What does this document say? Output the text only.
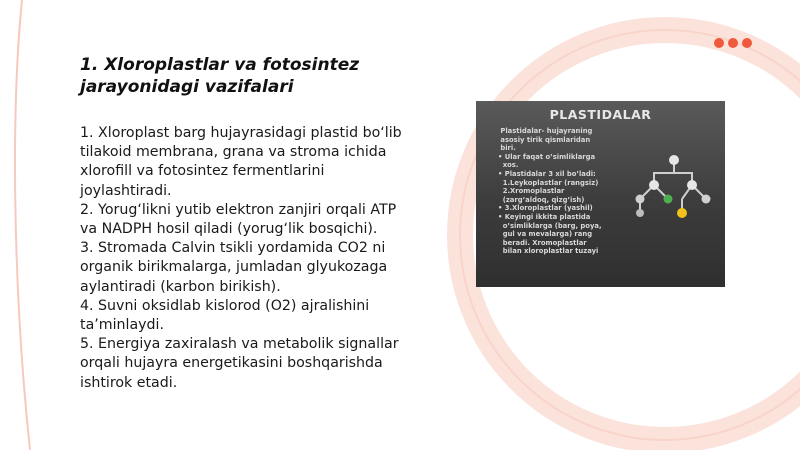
1. Xloroplastlar va fotosintez
jarayonidagi vazifalari

1. Xloroplast barg hujayrasidagi plastid bo‘lib

tilakoid membrana, grana va stroma ichida

xlorofill va fotosintez fermentlarini

joylashtiradi.

2. Yorug‘likni yutib elektron zanjiri orqali ATP

va NADPH hosil qiladi (yorug‘lik bosqichi).

3. Stromada Calvin tsikli yordamida CO2 ni

organik birikmalarga, jumladan glyukozaga

aylantiradi (karbon birikish).

4. Suvni oksidlab kislorod (O2) ajralishini

ta’minlaydi.

5. Energiya zaxiralash va metabolik signallar

orqali hujayra energetikasini boshqarishda

ishtirok etadi.

PLASTIDALAR
Plastidalar- hujayraning
asosiy tirik qismlaridan
biri.
• Ular faqat o’simliklarga
xos.
• Plastidalar 3 xil bo’ladi:
1.Leykoplastlar (rangsiz)
2.Xromoplastlar
(zarg’aldoq, qizg’ish)
• 3.Xloroplastlar (yashil)
• Keyingi ikkita plastida
o’simliklarga (barg, poya,
gul va mevalarga) rang
beradi. Xromoplastlar
bilan xloroplastlar tuzayi
